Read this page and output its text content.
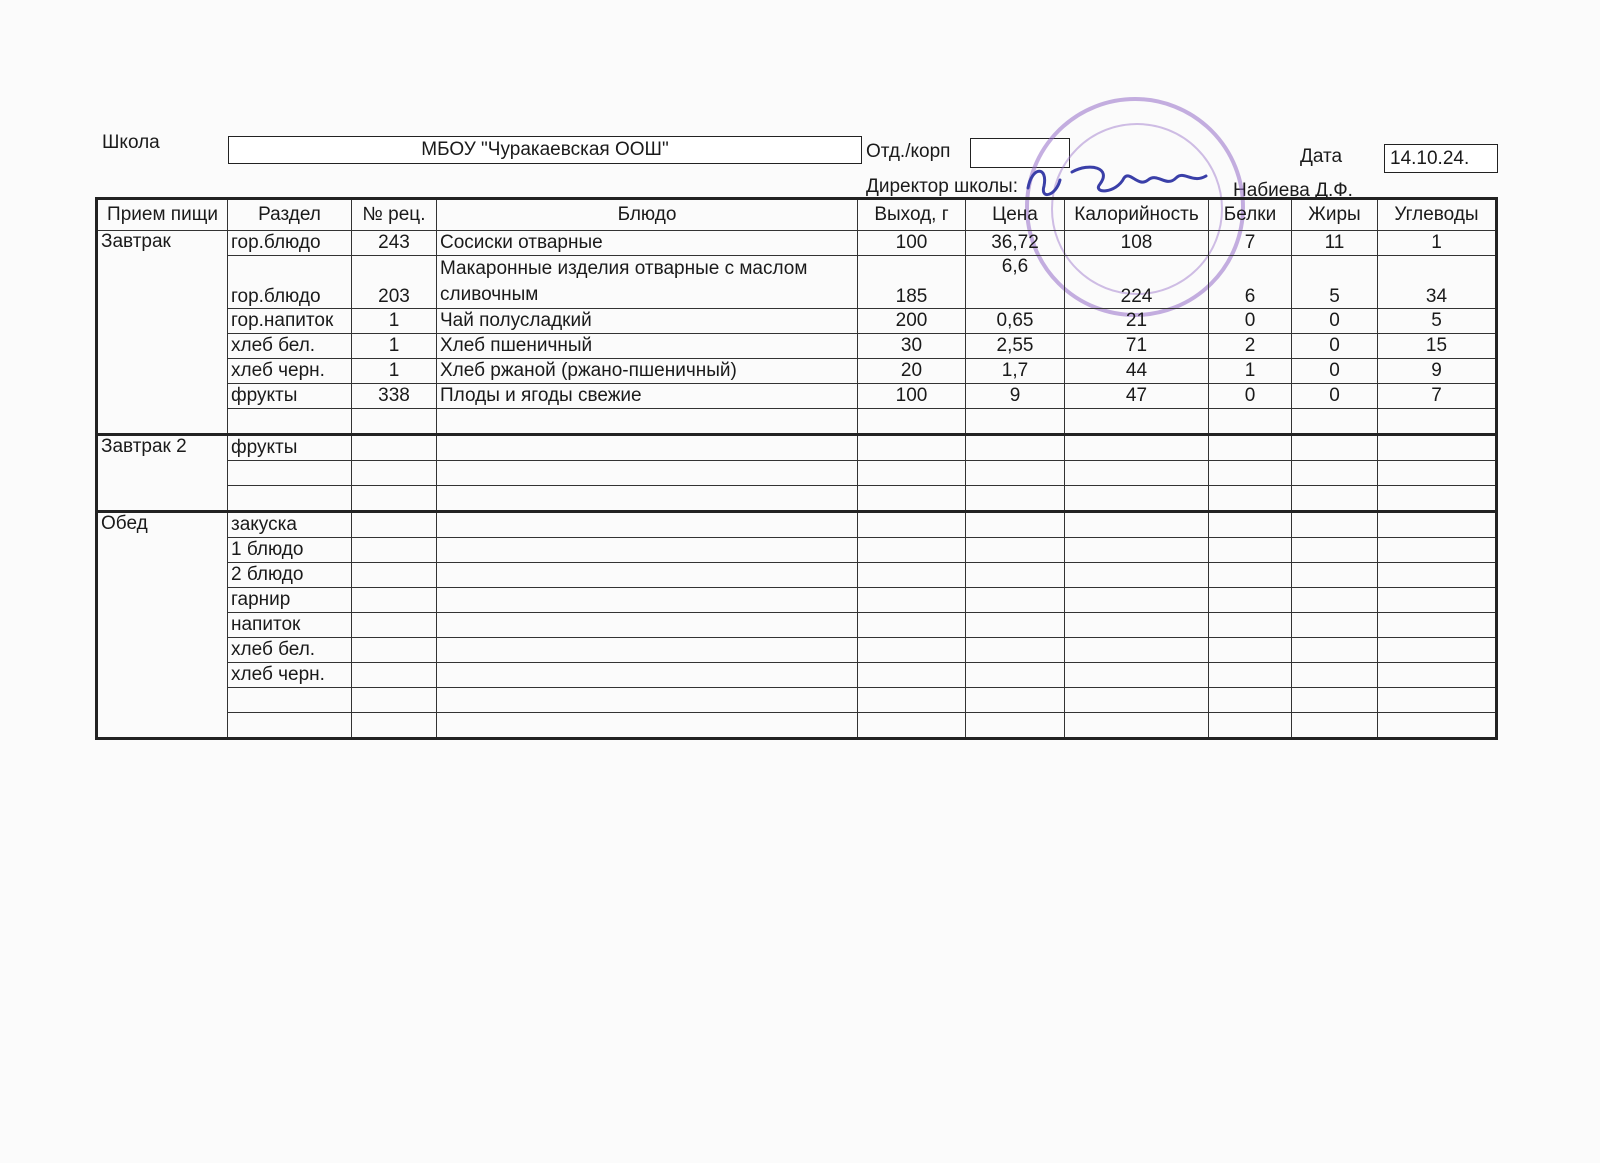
Школа	МБОУ "Чуракаевская ООШ"	Отд./корп	Дата	14.10.24.
Директор школы:	Набиева Д.Ф.
Прием пищи	Раздел	№ рец.	Блюдо	Выход, г	Цена	Калорийность	Белки	Жиры	Углеводы
Завтрак	гор.блюдо	243	Сосиски отварные	100	36,72	108	7	11	1
	гор.блюдо	203	Макаронные изделия отварные с маслом сливочным	185	6,6	224	6	5	34
	гор.напиток	1	Чай полусладкий	200	0,65	21	0	0	5
	хлеб бел.	1	Хлеб пшеничный	30	2,55	71	2	0	15
	хлеб черн.	1	Хлеб ржаной (ржано-пшеничный)	20	1,7	44	1	0	9
	фрукты	338	Плоды и ягоды свежие	100	9	47	0	0	7

Завтрак 2	фрукты								

Обед	закуска								
	1 блюдо								
	2 блюдо								
	гарнир								
	напиток								
	хлеб бел.								
	хлеб черн.								
